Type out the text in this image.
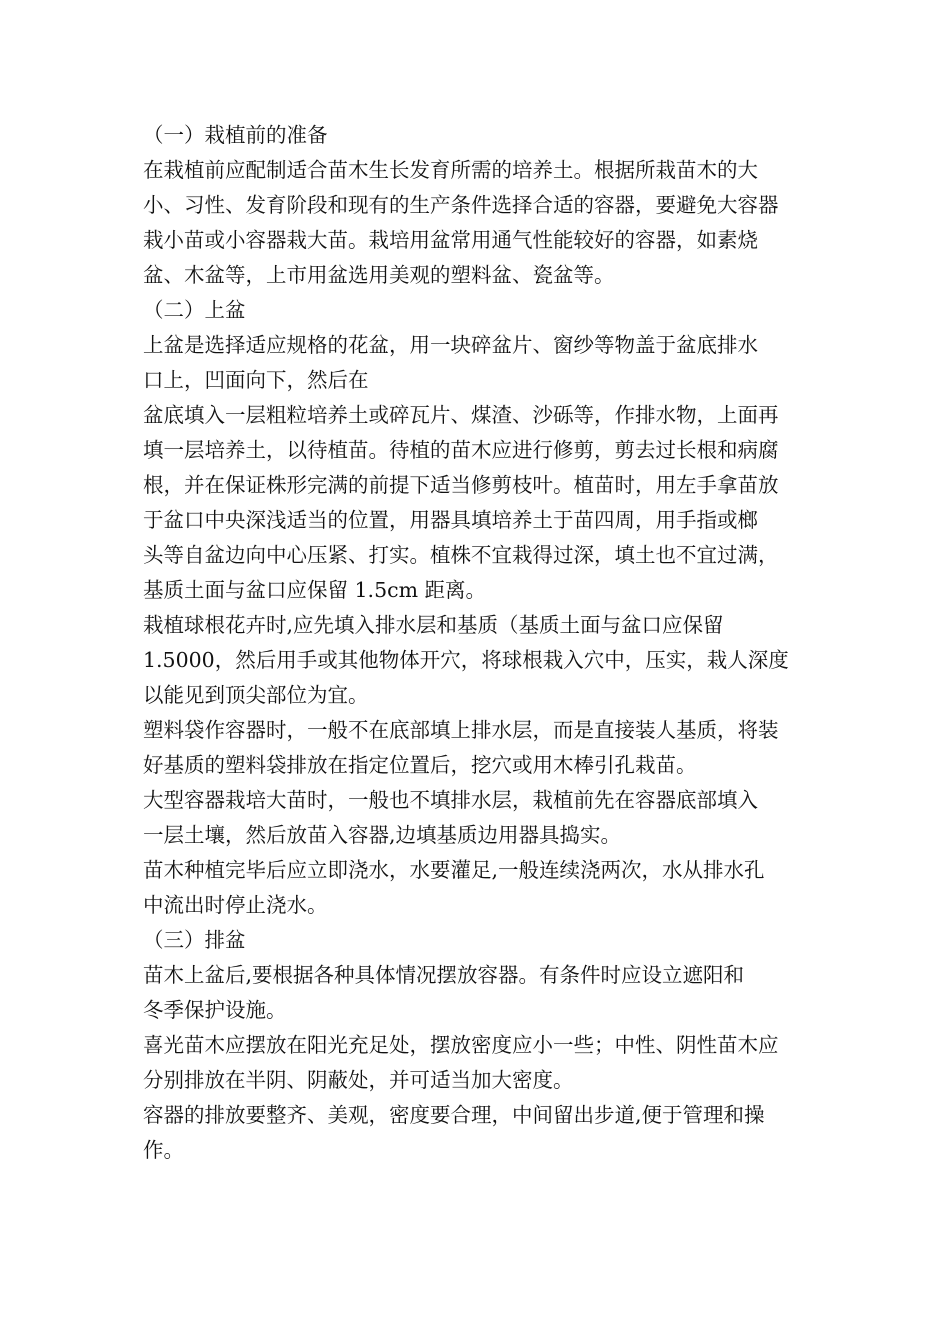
（一）栽植前的准备
在栽植前应配制适合苗木生长发育所需的培养土。根据所栽苗木的大
小、习性、发育阶段和现有的生产条件选择合适的容器，要避免大容器
栽小苗或小容器栽大苗。栽培用盆常用通气性能较好的容器，如素烧
盆、木盆等，上市用盆选用美观的塑料盆、瓷盆等。
（二）上盆
上盆是选择适应规格的花盆，用一块碎盆片、窗纱等物盖于盆底排水
口上，凹面向下，然后在
盆底填入一层粗粒培养土或碎瓦片、煤渣、沙砾等，作排水物，上面再
填一层培养土，以待植苗。待植的苗木应进行修剪，剪去过长根和病腐
根，并在保证株形完满的前提下适当修剪枝叶。植苗时，用左手拿苗放
于盆口中央深浅适当的位置，用器具填培养土于苗四周，用手指或榔
头等自盆边向中心压紧、打实。植株不宜栽得过深，填土也不宜过满，
基质土面与盆口应保留 1.5cm 距离。
栽植球根花卉时,应先填入排水层和基质（基质土面与盆口应保留
1.5000，然后用手或其他物体开穴，将球根栽入穴中，压实，栽人深度
以能见到顶尖部位为宜。
塑料袋作容器时，一般不在底部填上排水层，而是直接装人基质，将装
好基质的塑料袋排放在指定位置后，挖穴或用木棒引孔栽苗。
大型容器栽培大苗时，一般也不填排水层，栽植前先在容器底部填入
一层土壤，然后放苗入容器,边填基质边用器具捣实。
苗木种植完毕后应立即浇水，水要灌足,一般连续浇两次，水从排水孔
中流出时停止浇水。
（三）排盆
苗木上盆后,要根据各种具体情况摆放容器。有条件时应设立遮阳和
冬季保护设施。
喜光苗木应摆放在阳光充足处，摆放密度应小一些；中性、阴性苗木应
分别排放在半阴、阴蔽处，并可适当加大密度。
容器的排放要整齐、美观，密度要合理，中间留出步道,便于管理和操
作。
